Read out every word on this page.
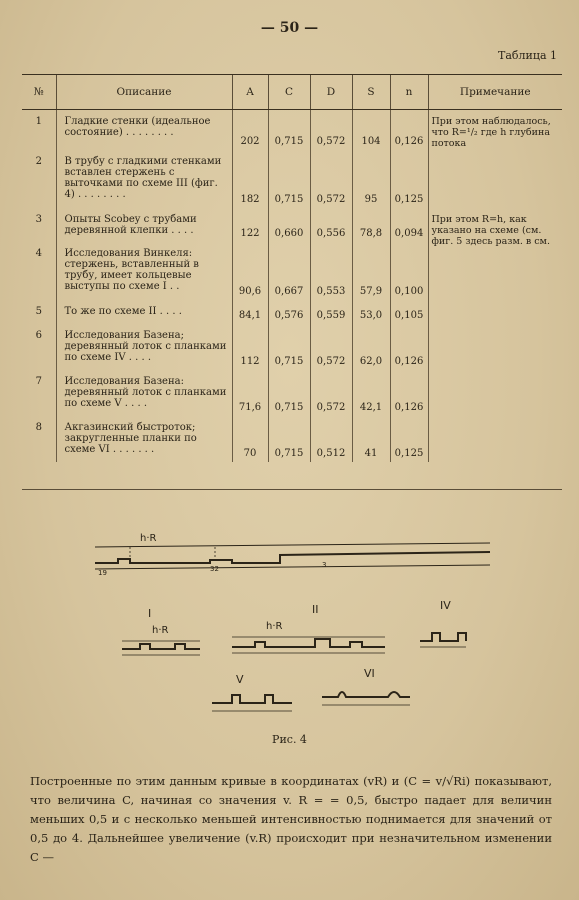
— 50 —
Таблица 1
№	Описание	A	C	D	S	n	Примечание
1	Гладкие стенки (идеальное состояние) . . . . . . . .	202	0,715	0,572	104	0,126	При этом наблюдалось, что R=¹/₂ где h глубина потока
2	В трубу с гладкими стенками вставлен стержень с выточками по схеме III (фиг. 4) . . . . . . . .	182	0,715	0,572	95	0,125	
3	Опыты Scobey с трубами деревянной клепки . . . .	122	0,660	0,556	78,8	0,094	При этом R=h, как указано на схеме (см. фиг. 5 здесь разм. в см.
4	Исследования Винкеля: стержень, вставленный в трубу, имеет кольцевые выступы по схеме I . .	90,6	0,667	0,553	57,9	0,100	
5	То же по схеме II . . . .	84,1	0,576	0,559	53,0	0,105	
6	Исследования Базена; деревянный лоток с планками по схеме IV . . . .	112	0,715	0,572	62,0	0,126	
7	Исследования Базена: деревянный лоток с планками по схеме V . . . .	71,6	0,715	0,572	42,1	0,126	
8	Акгазинский быстроток; закругленные планки по схеме VI . . . . . . .	70	0,715	0,512	41	0,125	
h·R
19	32	3
I
h·R
II
h·R
IV
V	VI
Рис. 4
Построенные по этим данным кривые в координатах (vR) и (C = v/√Ri) показывают, что величина C, начиная со значения v. R = = 0,5, быстро падает для величин меньших 0,5 и с несколько меньшей интенсивностью поднимается для значений от 0,5 до 4. Дальнейшее увеличение (v.R) происходит при незначительном изменении C —
